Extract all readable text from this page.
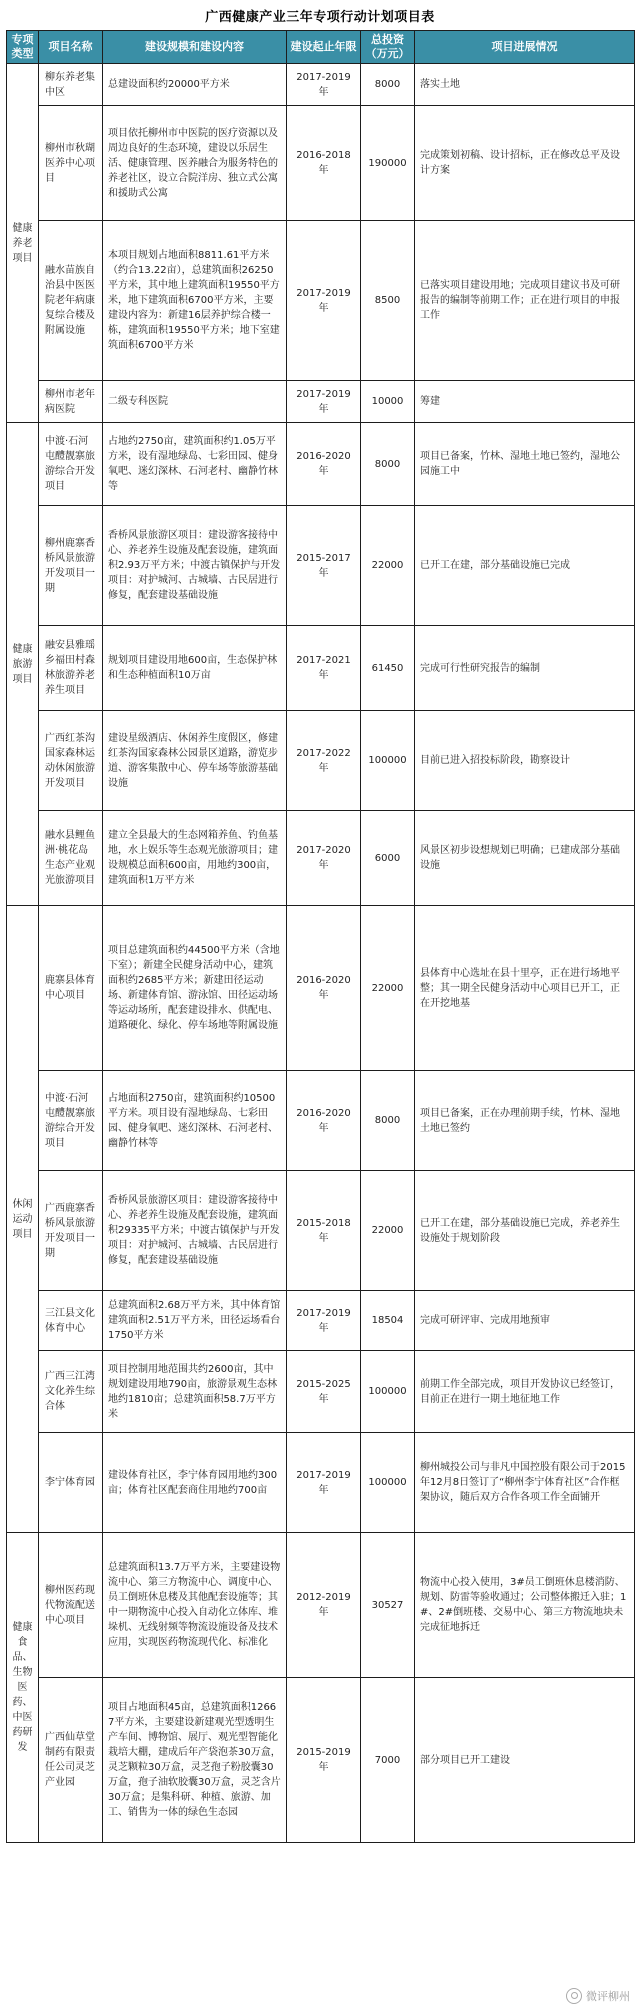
广西健康产业三年专项行动计划项目表
专项类型	项目名称	建设规模和建设内容	建设起止年限	总投资（万元）	项目进展情况
健康养老项目	柳东养老集中区	总建设面积约20000平方米	2017-2019年	8000	落实土地
	柳州市秋瑚医养中心项目	项目依托柳州市中医院的医疗资源以及周边良好的生态环境，建设以乐居生活、健康管理、医养融合为服务特色的养老社区，设立合院洋房、独立式公寓和援助式公寓	2016-2018年	190000	完成策划初稿、设计招标，正在修改总平及设计方案
	融水苗族自治县中医医院老年病康复综合楼及附属设施	本项目规划占地面积8811.61平方米（约合13.22亩），总建筑面积26250平方米，其中地上建筑面积19550平方米，地下建筑面积6700平方米，主要建设内容为：新建16层养护综合楼一栋，建筑面积19550平方米；地下室建筑面积6700平方米	2017-2019年	8500	已落实项目建设用地；完成项目建议书及可研报告的编制等前期工作；正在进行项目的申报工作
	柳州市老年病医院	二级专科医院	2017-2019年	10000	筹建
健康旅游项目	中渡·石河屯醴靓寨旅游综合开发项目	占地约2750亩，建筑面积约1.05万平方米，设有湿地绿岛、七彩田园、健身氧吧、迷幻深林、石河老村、幽静竹林等	2016-2020年	8000	项目已备案，竹林、湿地土地已签约，湿地公园施工中
	柳州鹿寨香桥风景旅游开发项目一期	香桥风景旅游区项目：建设游客接待中心、养老养生设施及配套设施，建筑面积2.93万平方米；中渡古镇保护与开发项目：对护城河、古城墙、古民居进行修复，配套建设基础设施	2015-2017年	22000	已开工在建，部分基础设施已完成
	融安县雅瑶乡福田村森林旅游养老养生项目	规划项目建设用地600亩，生态保护林和生态种植面积10万亩	2017-2021年	61450	完成可行性研究报告的编制
	广西红茶沟国家森林运动休闲旅游开发项目	建设星级酒店、休闲养生度假区，修建红茶沟国家森林公园景区道路，游览步道、游客集散中心、停车场等旅游基础设施	2017-2022年	100000	目前已进入招投标阶段，勘察设计
	融水县鲤鱼洲·桃花岛生态产业观光旅游项目	建立全县最大的生态网箱养鱼、钓鱼基地，水上娱乐等生态观光旅游项目；建设规模总面积600亩，用地约300亩，建筑面积1万平方米	2017-2020年	6000	风景区初步设想规划已明确；已建成部分基础设施
休闲运动项目	鹿寨县体育中心项目	项目总建筑面积约44500平方米（含地下室）；新建全民健身活动中心，建筑面积约2685平方米；新建田径运动场、新建体育馆、游泳馆、田径运动场等运动场所，配套建设排水、供配电、道路硬化、绿化、停车场地等附属设施	2016-2020年	22000	县体育中心选址在县十里亭，正在进行场地平整；其一期全民健身活动中心项目已开工，正在开挖地基
	中渡·石河屯醴靓寨旅游综合开发项目	占地面积2750亩，建筑面积约10500平方米。项目设有湿地绿岛、七彩田园、健身氧吧、迷幻深林、石河老村、幽静竹林等	2016-2020年	8000	项目已备案，正在办理前期手续，竹林、湿地土地已签约
	广西鹿寨香桥风景旅游开发项目一期	香桥风景旅游区项目：建设游客接待中心、养老养生设施及配套设施，建筑面积29335平方米；中渡古镇保护与开发项目：对护城河、古城墙、古民居进行修复，配套建设基础设施	2015-2018年	22000	已开工在建，部分基础设施已完成，养老养生设施处于规划阶段
	三江县文化体育中心	总建筑面积2.68万平方米，其中体育馆建筑面积2.51万平方米，田径运场看台1750平方米	2017-2019年	18504	完成可研评审、完成用地预审
	广西三江湾文化养生综合体	项目控制用地范围共约2600亩，其中规划建设用地790亩，旅游景观生态林地约1810亩；总建筑面积58.7万平方米	2015-2025年	100000	前期工作全部完成，项目开发协议已经签订，目前正在进行一期土地征地工作
	李宁体育园	建设体育社区，李宁体育园用地约300亩；体育社区配套商住用地约700亩	2017-2019年	100000	柳州城投公司与非凡中国控股有限公司于2015年12月8日签订了“柳州李宁体育社区”合作框架协议，随后双方合作各项工作全面铺开
健康食品、生物医药、中医药研发	柳州医药现代物流配送中心项目	总建筑面积13.7万平方米，主要建设物流中心、第三方物流中心、调度中心、员工倒班休息楼及其他配套设施等；其中一期物流中心投入自动化立体库、堆垛机、无线射频等物流设施设备及技术应用，实现医药物流现代化、标准化	2012-2019年	30527	物流中心投入使用，3#员工倒班休息楼消防、规划、防雷等验收通过；公司整体搬迁入驻；1#、2#倒班楼、交易中心、第三方物流地块未完成征地拆迁
	广西仙草堂制药有限责任公司灵芝产业园	项目占地面积45亩，总建筑面积12667平方米，主要建设新建观光型透明生产车间、博物馆、展厅、观光型智能化栽培大棚，建成后年产袋泡茶30万盒，灵芝颗粒30万盒，灵芝孢子粉胶囊30万盒，孢子油软胶囊30万盒，灵芝含片30万盒；是集科研、种植、旅游、加工、销售为一体的绿色生态园	2015-2019年	7000	部分项目已开工建设
微评柳州
